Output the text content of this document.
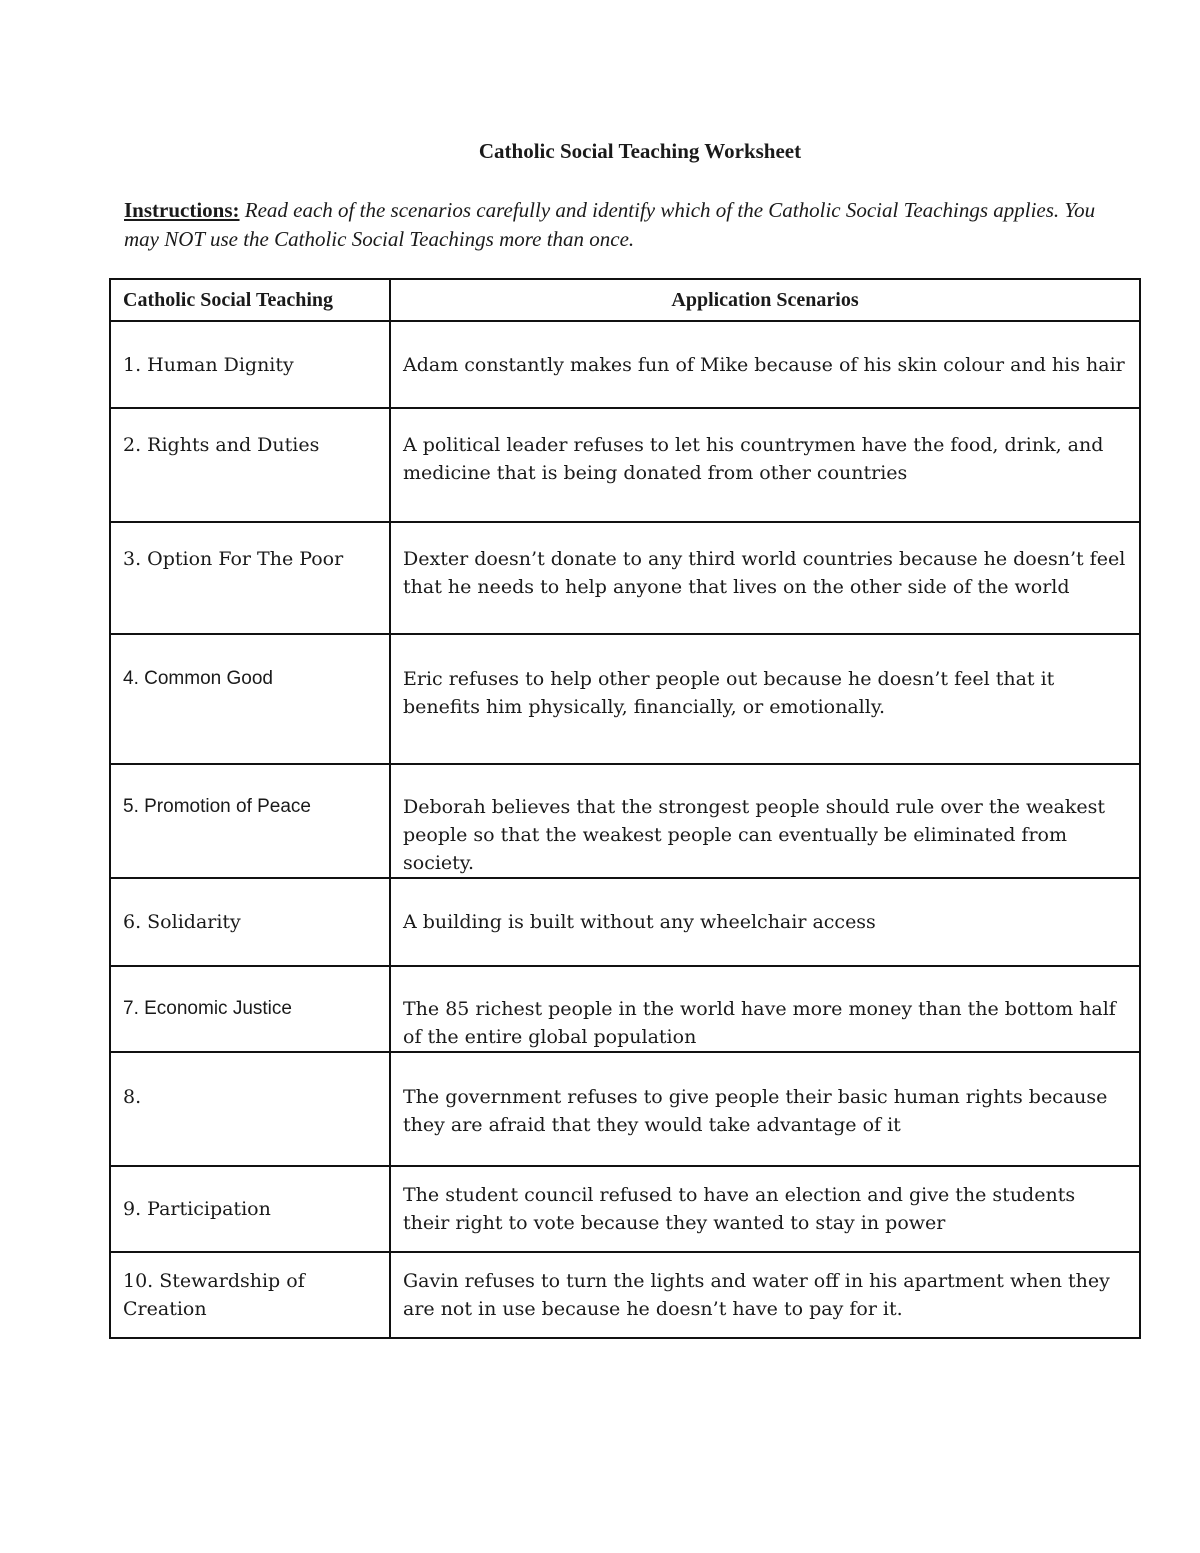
Catholic Social Teaching Worksheet
Instructions: Read each of the scenarios carefully and identify which of the Catholic Social Teachings applies. You may NOT use the Catholic Social Teachings more than once.
Catholic Social Teaching	Application Scenarios
1. Human Dignity	Adam constantly makes fun of Mike because of his skin colour and his hair
2. Rights and Duties	A political leader refuses to let his countrymen have the food, drink, and medicine that is being donated from other countries
3. Option For The Poor	Dexter doesn’t donate to any third world countries because he doesn’t feel that he needs to help anyone that lives on the other side of the world
4. Common Good	Eric refuses to help other people out because he doesn’t feel that it benefits him physically, financially, or emotionally.
5. Promotion of Peace	Deborah believes that the strongest people should rule over the weakest people so that the weakest people can eventually be eliminated from society.
6. Solidarity	A building is built without any wheelchair access
7. Economic Justice	The 85 richest people in the world have more money than the bottom half of the entire global population
8.	The government refuses to give people their basic human rights because they are afraid that they would take advantage of it
9. Participation	The student council refused to have an election and give the students their right to vote because they wanted to stay in power
10. Stewardship of Creation	Gavin refuses to turn the lights and water off in his apartment when they are not in use because he doesn’t have to pay for it.
